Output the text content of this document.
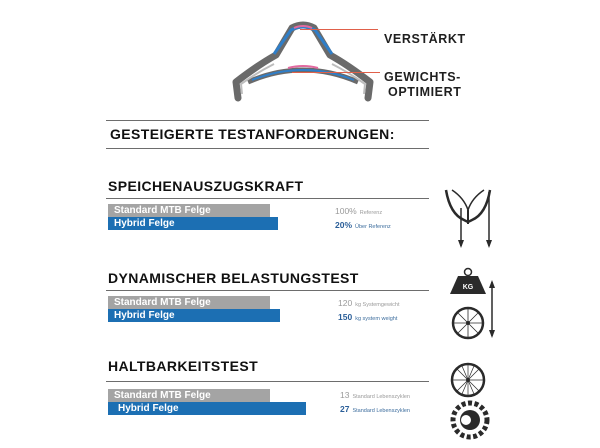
VERSTÄRKT
GEWICHTS-
OPTIMIERT
GESTEIGERTE TESTANFORDERUNGEN:
SPEICHENAUSZUGSKRAFT
Standard MTB Felge
Hybrid Felge
100% Referenz
20% Über Referenz
DYNAMISCHER BELASTUNGSTEST
Standard MTB Felge
Hybrid Felge
120 kg Systemgewicht
150 kg system weight
KG
HALTBARKEITSTEST
Standard MTB Felge
Hybrid Felge
13 Standard Lebenszyklen
27 Standard Lebenszyklen
